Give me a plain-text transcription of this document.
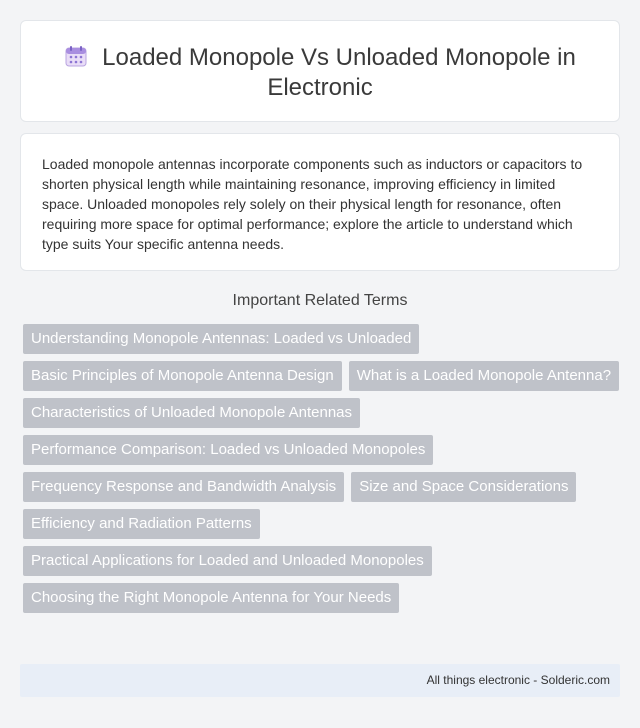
Loaded Monopole Vs Unloaded Monopole in Electronic

Loaded monopole antennas incorporate components such as inductors or capacitors to shorten physical length while maintaining resonance, improving efficiency in limited space. Unloaded monopoles rely solely on their physical length for resonance, often requiring more space for optimal performance; explore the article to understand which type suits Your specific antenna needs.

Important Related Terms
Understanding Monopole Antennas: Loaded vs Unloaded
Basic Principles of Monopole Antenna Design	What is a Loaded Monopole Antenna?
Characteristics of Unloaded Monopole Antennas
Performance Comparison: Loaded vs Unloaded Monopoles
Frequency Response and Bandwidth Analysis	Size and Space Considerations
Efficiency and Radiation Patterns
Practical Applications for Loaded and Unloaded Monopoles
Choosing the Right Monopole Antenna for Your Needs
All things electronic - Solderic.com
